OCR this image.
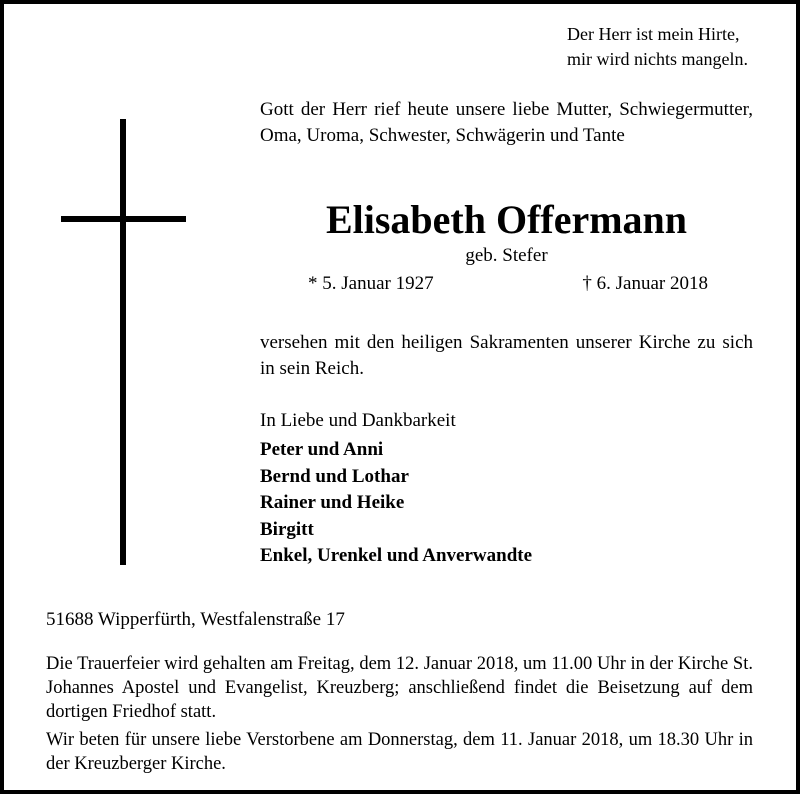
Der Herr ist mein Hirte,
mir wird nichts mangeln.
Gott der Herr rief heute unsere liebe Mutter, Schwiegermutter, Oma, Uroma, Schwester, Schwägerin und Tante
Elisabeth Offermann
geb. Stefer
* 5. Januar 1927	† 6. Januar 2018
versehen mit den heiligen Sakramenten unserer Kirche zu sich in sein Reich.
In Liebe und Dankbarkeit
Peter und Anni
Bernd und Lothar
Rainer und Heike
Birgitt
Enkel, Urenkel und Anverwandte
51688 Wipperfürth, Westfalenstraße 17
Die Trauerfeier wird gehalten am Freitag, dem 12. Januar 2018, um 11.00 Uhr in der Kirche St. Johannes Apostel und Evangelist, Kreuzberg; anschließend findet die Beisetzung auf dem dortigen Friedhof statt.
Wir beten für unsere liebe Verstorbene am Donnerstag, dem 11. Januar 2018, um 18.30 Uhr in der Kreuzberger Kirche.
